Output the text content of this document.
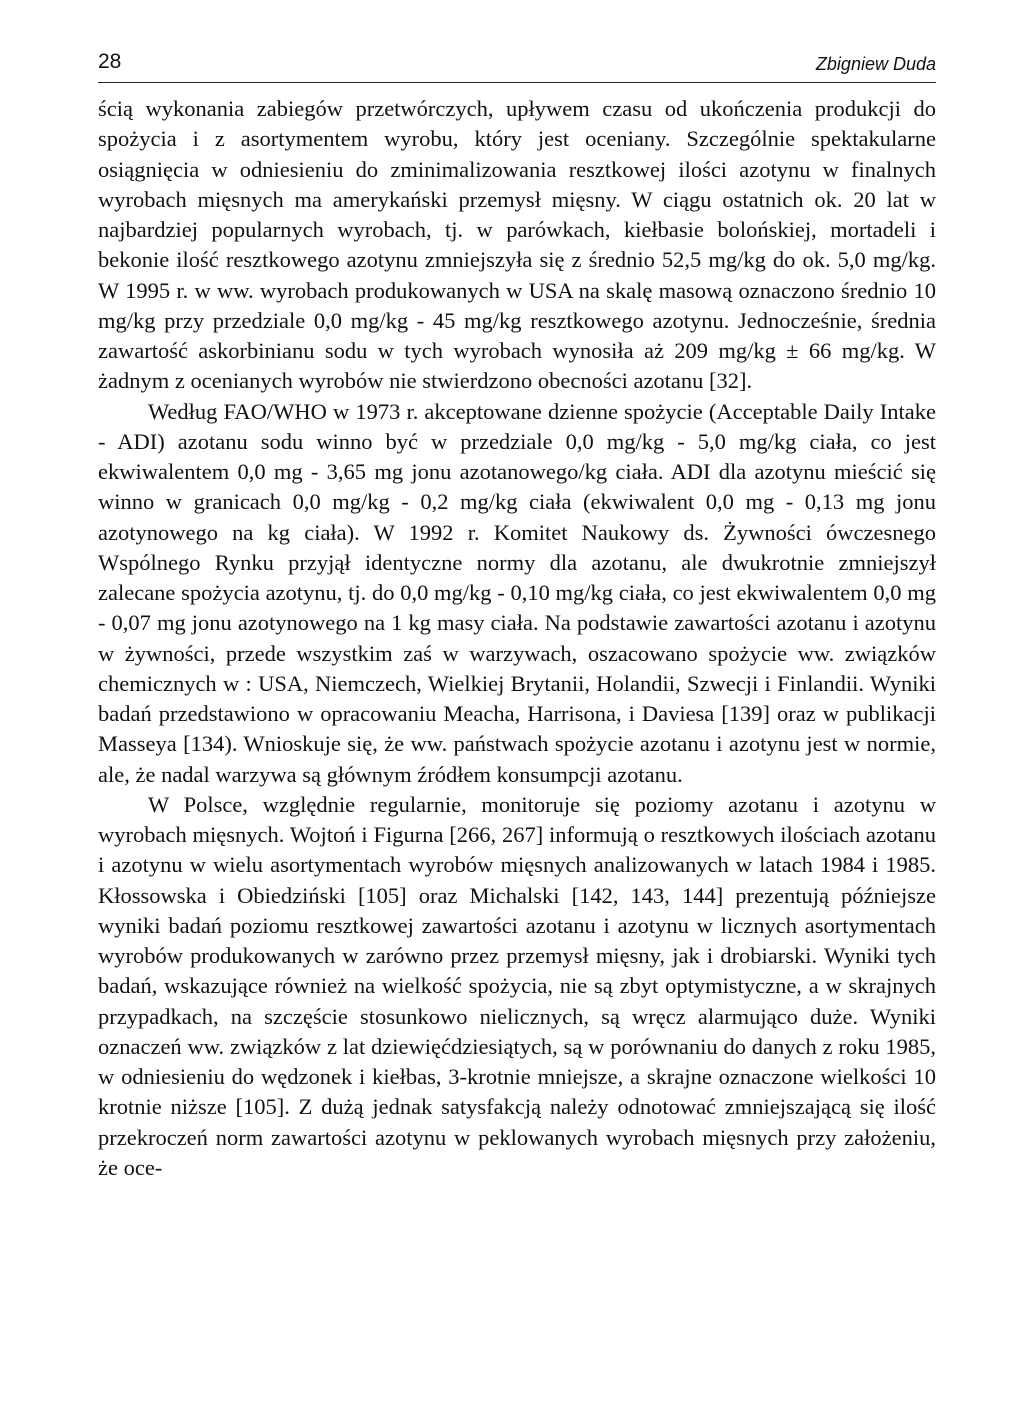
28	Zbigniew Duda

ścią wykonania zabiegów przetwórczych, upływem czasu od ukończenia produkcji do spożycia i z asortymentem wyrobu, który jest oceniany. Szczególnie spektakularne osiągnięcia w odniesieniu do zminimalizowania resztkowej ilości azotynu w finalnych wyrobach mięsnych ma amerykański przemysł mięsny. W ciągu ostatnich ok. 20 lat w najbardziej popularnych wyrobach, tj. w parówkach, kiełbasie bolońskiej, mortadeli i bekonie ilość resztkowego azotynu zmniejszyła się z średnio 52,5 mg/kg do ok. 5,0 mg/kg. W 1995 r. w ww. wyrobach produkowanych w USA na skalę masową oznaczono średnio 10 mg/kg przy przedziale 0,0 mg/kg - 45 mg/kg resztkowego azotynu. Jednocześnie, średnia zawartość askorbinianu sodu w tych wyrobach wynosiła aż 209 mg/kg ± 66 mg/kg. W żadnym z ocenianych wyrobów nie stwierdzono obecności azotanu [32].

Według FAO/WHO w 1973 r. akceptowane dzienne spożycie (Acceptable Daily Intake - ADI) azotanu sodu winno być w przedziale 0,0 mg/kg - 5,0 mg/kg ciała, co jest ekwiwalentem 0,0 mg - 3,65 mg jonu azotanowego/kg ciała. ADI dla azotynu mieścić się winno w granicach 0,0 mg/kg - 0,2 mg/kg ciała (ekwiwalent 0,0 mg - 0,13 mg jonu azotynowego na kg ciała). W 1992 r. Komitet Naukowy ds. Żywności ówczesnego Wspólnego Rynku przyjął identyczne normy dla azotanu, ale dwukrotnie zmniejszył zalecane spożycia azotynu, tj. do 0,0 mg/kg - 0,10 mg/kg ciała, co jest ekwiwalentem 0,0 mg - 0,07 mg jonu azotynowego na 1 kg masy ciała. Na podstawie zawartości azotanu i azotynu w żywności, przede wszystkim zaś w warzywach, oszacowano spożycie ww. związków chemicznych w : USA, Niemczech, Wielkiej Brytanii, Holandii, Szwecji i Finlandii. Wyniki badań przedstawiono w opracowaniu Meacha, Harrisona, i Daviesa [139] oraz w publikacji Masseya [134). Wnioskuje się, że ww. państwach spożycie azotanu i azotynu jest w normie, ale, że nadal warzywa są głównym źródłem konsumpcji azotanu.

W Polsce, względnie regularnie, monitoruje się poziomy azotanu i azotynu w wyrobach mięsnych. Wojtoń i Figurna [266, 267] informują o resztkowych ilościach azotanu i azotynu w wielu asortymentach wyrobów mięsnych analizowanych w latach 1984 i 1985. Kłossowska i Obiedziński [105] oraz Michalski [142, 143, 144] prezentują późniejsze wyniki badań poziomu resztkowej zawartości azotanu i azotynu w licznych asortymentach wyrobów produkowanych w zarówno przez przemysł mięsny, jak i drobiarski. Wyniki tych badań, wskazujące również na wielkość spożycia, nie są zbyt optymistyczne, a w skrajnych przypadkach, na szczęście stosunkowo nielicznych, są wręcz alarmująco duże. Wyniki oznaczeń ww. związków z lat dziewięćdziesiątych, są w porównaniu do danych z roku 1985, w odniesieniu do wędzonek i kiełbas, 3-krotnie mniejsze, a skrajne oznaczone wielkości 10 krotnie niższe [105]. Z dużą jednak satysfakcją należy odnotować zmniejszającą się ilość przekroczeń norm zawartości azotynu w peklowanych wyrobach mięsnych przy założeniu, że oce-
